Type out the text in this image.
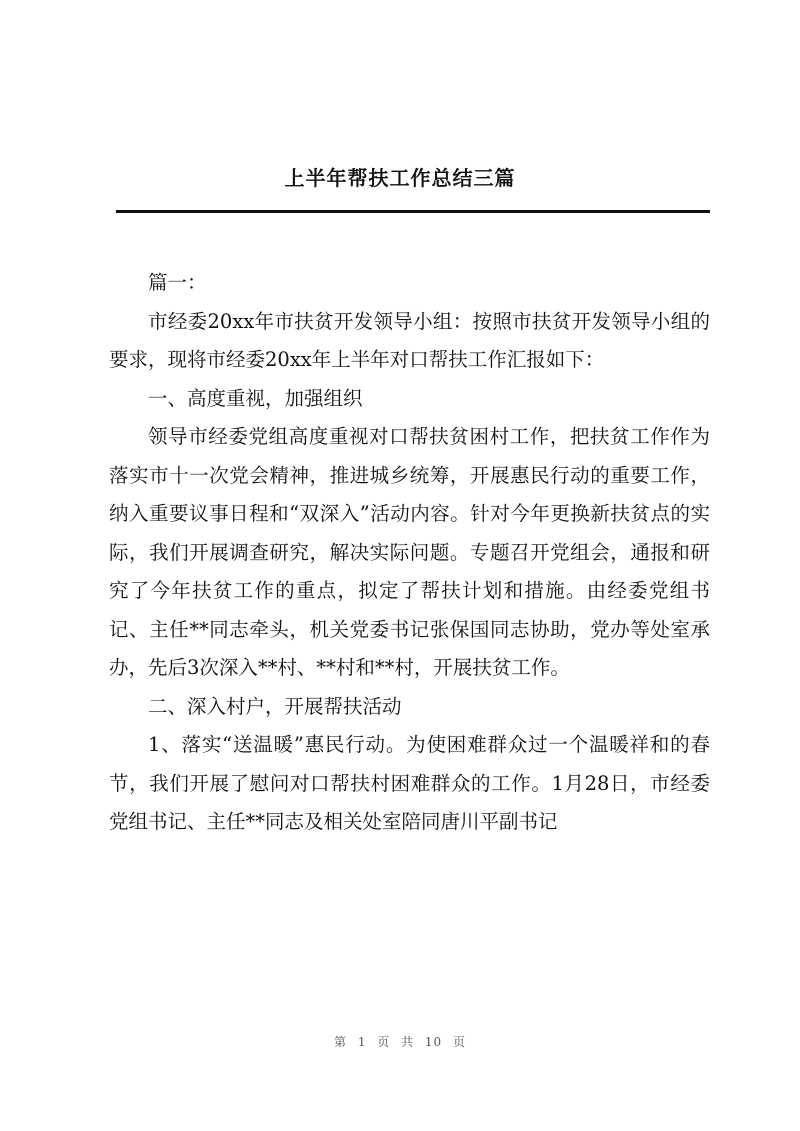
上半年帮扶工作总结三篇

篇一：

市经委20xx年市扶贫开发领导小组：按照市扶贫开发领导小组的要求，现将市经委20xx年上半年对口帮扶工作汇报如下：

一、高度重视，加强组织

领导市经委党组高度重视对口帮扶贫困村工作，把扶贫工作作为落实市十一次党会精神，推进城乡统筹，开展惠民行动的重要工作，纳入重要议事日程和“双深入”活动内容。针对今年更换新扶贫点的实际，我们开展调查研究，解决实际问题。专题召开党组会，通报和研究了今年扶贫工作的重点，拟定了帮扶计划和措施。由经委党组书记、主任**同志牵头，机关党委书记张保国同志协助，党办等处室承办，先后3次深入**村、**村和**村，开展扶贫工作。

二、深入村户，开展帮扶活动

1、落实“送温暖”惠民行动。为使困难群众过一个温暖祥和的春节，我们开展了慰问对口帮扶村困难群众的工作。1月28日，市经委党组书记、主任**同志及相关处室陪同唐川平副书记

第 1 页 共 10 页
